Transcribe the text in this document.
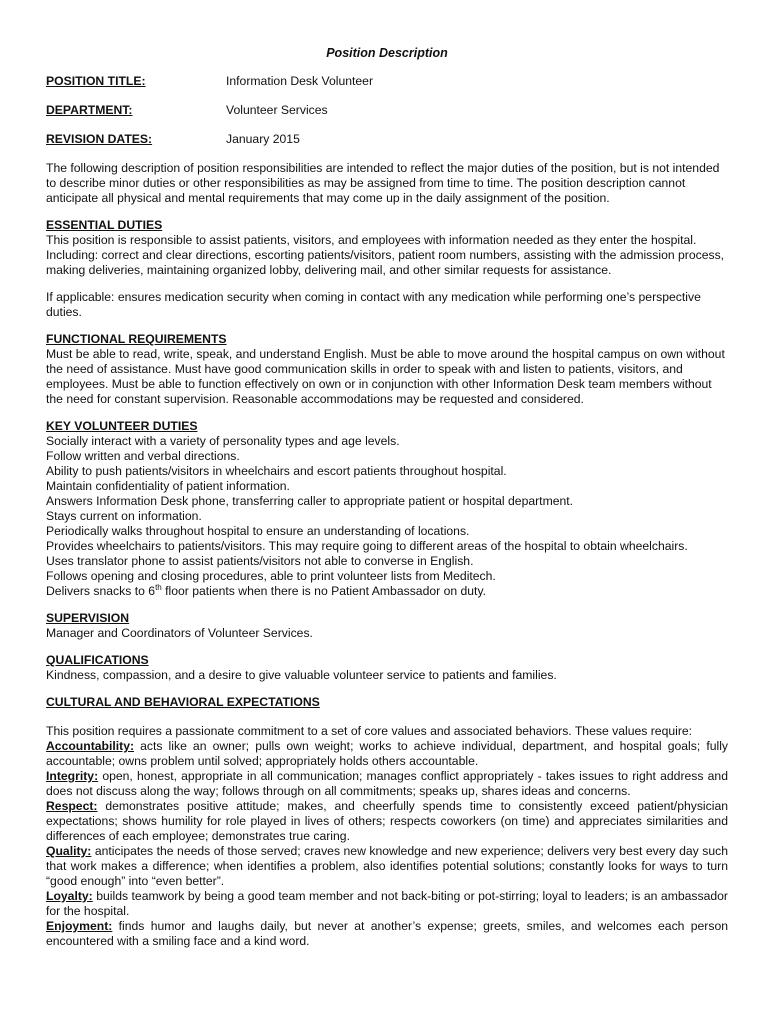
Position Description
POSITION TITLE:	Information Desk Volunteer
DEPARTMENT:	Volunteer Services
REVISION DATES:	January 2015

The following description of position responsibilities are intended to reflect the major duties of the position, but is not intended to describe minor duties or other responsibilities as may be assigned from time to time. The position description cannot anticipate all physical and mental requirements that may come up in the daily assignment of the position.

ESSENTIAL DUTIES

This position is responsible to assist patients, visitors, and employees with information needed as they enter the hospital. Including: correct and clear directions, escorting patients/visitors, patient room numbers, assisting with the admission process, making deliveries, maintaining organized lobby, delivering mail, and other similar requests for assistance.

If applicable: ensures medication security when coming in contact with any medication while performing one’s perspective duties.

FUNCTIONAL REQUIREMENTS

Must be able to read, write, speak, and understand English. Must be able to move around the hospital campus on own without the need of assistance. Must have good communication skills in order to speak with and listen to patients, visitors, and employees. Must be able to function effectively on own or in conjunction with other Information Desk team members without the need for constant supervision. Reasonable accommodations may be requested and considered.

KEY VOLUNTEER DUTIES
Socially interact with a variety of personality types and age levels.
Follow written and verbal directions.
Ability to push patients/visitors in wheelchairs and escort patients throughout hospital.
Maintain confidentiality of patient information.
Answers Information Desk phone, transferring caller to appropriate patient or hospital department.
Stays current on information.
Periodically walks throughout hospital to ensure an understanding of locations.
Provides wheelchairs to patients/visitors. This may require going to different areas of the hospital to obtain wheelchairs.
Uses translator phone to assist patients/visitors not able to converse in English.
Follows opening and closing procedures, able to print volunteer lists from Meditech.
Delivers snacks to 6th floor patients when there is no Patient Ambassador on duty.
SUPERVISION

Manager and Coordinators of Volunteer Services.

QUALIFICATIONS

Kindness, compassion, and a desire to give valuable volunteer service to patients and families.

CULTURAL AND BEHAVIORAL EXPECTATIONS

This position requires a passionate commitment to a set of core values and associated behaviors. These values require:

Accountability: acts like an owner; pulls own weight; works to achieve individual, department, and hospital goals; fully accountable; owns problem until solved; appropriately holds others accountable.

Integrity: open, honest, appropriate in all communication; manages conflict appropriately - takes issues to right address and does not discuss along the way; follows through on all commitments; speaks up, shares ideas and concerns.

Respect: demonstrates positive attitude; makes, and cheerfully spends time to consistently exceed patient/physician expectations; shows humility for role played in lives of others; respects coworkers (on time) and appreciates similarities and differences of each employee; demonstrates true caring.

Quality: anticipates the needs of those served; craves new knowledge and new experience; delivers very best every day such that work makes a difference; when identifies a problem, also identifies potential solutions; constantly looks for ways to turn “good enough” into “even better”.

Loyalty: builds teamwork by being a good team member and not back-biting or pot-stirring; loyal to leaders; is an ambassador for the hospital.

Enjoyment: finds humor and laughs daily, but never at another’s expense; greets, smiles, and welcomes each person encountered with a smiling face and a kind word.
